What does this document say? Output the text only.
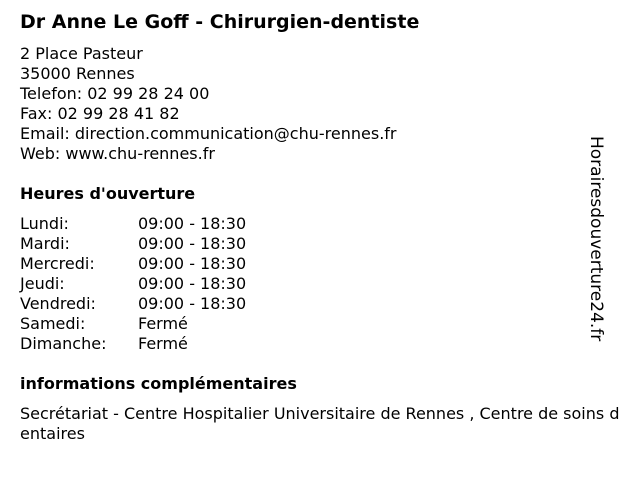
Dr Anne Le Goff - Chirurgien-dentiste
2 Place Pasteur
35000 Rennes
Telefon: 02 99 28 24 00
Fax: 02 99 28 41 82
Email: direction.communication@chu-rennes.fr
Web: www.chu-rennes.fr
Heures d'ouverture
Lundi:	09:00 - 18:30
Mardi:	09:00 - 18:30
Mercredi:	09:00 - 18:30
Jeudi:	09:00 - 18:30
Vendredi:	09:00 - 18:30
Samedi:	Fermé
Dimanche:	Fermé
informations complémentaires
Secrétariat - Centre Hospitalier Universitaire de Rennes , Centre de soins dentaires
Horairesdouverture24.fr
